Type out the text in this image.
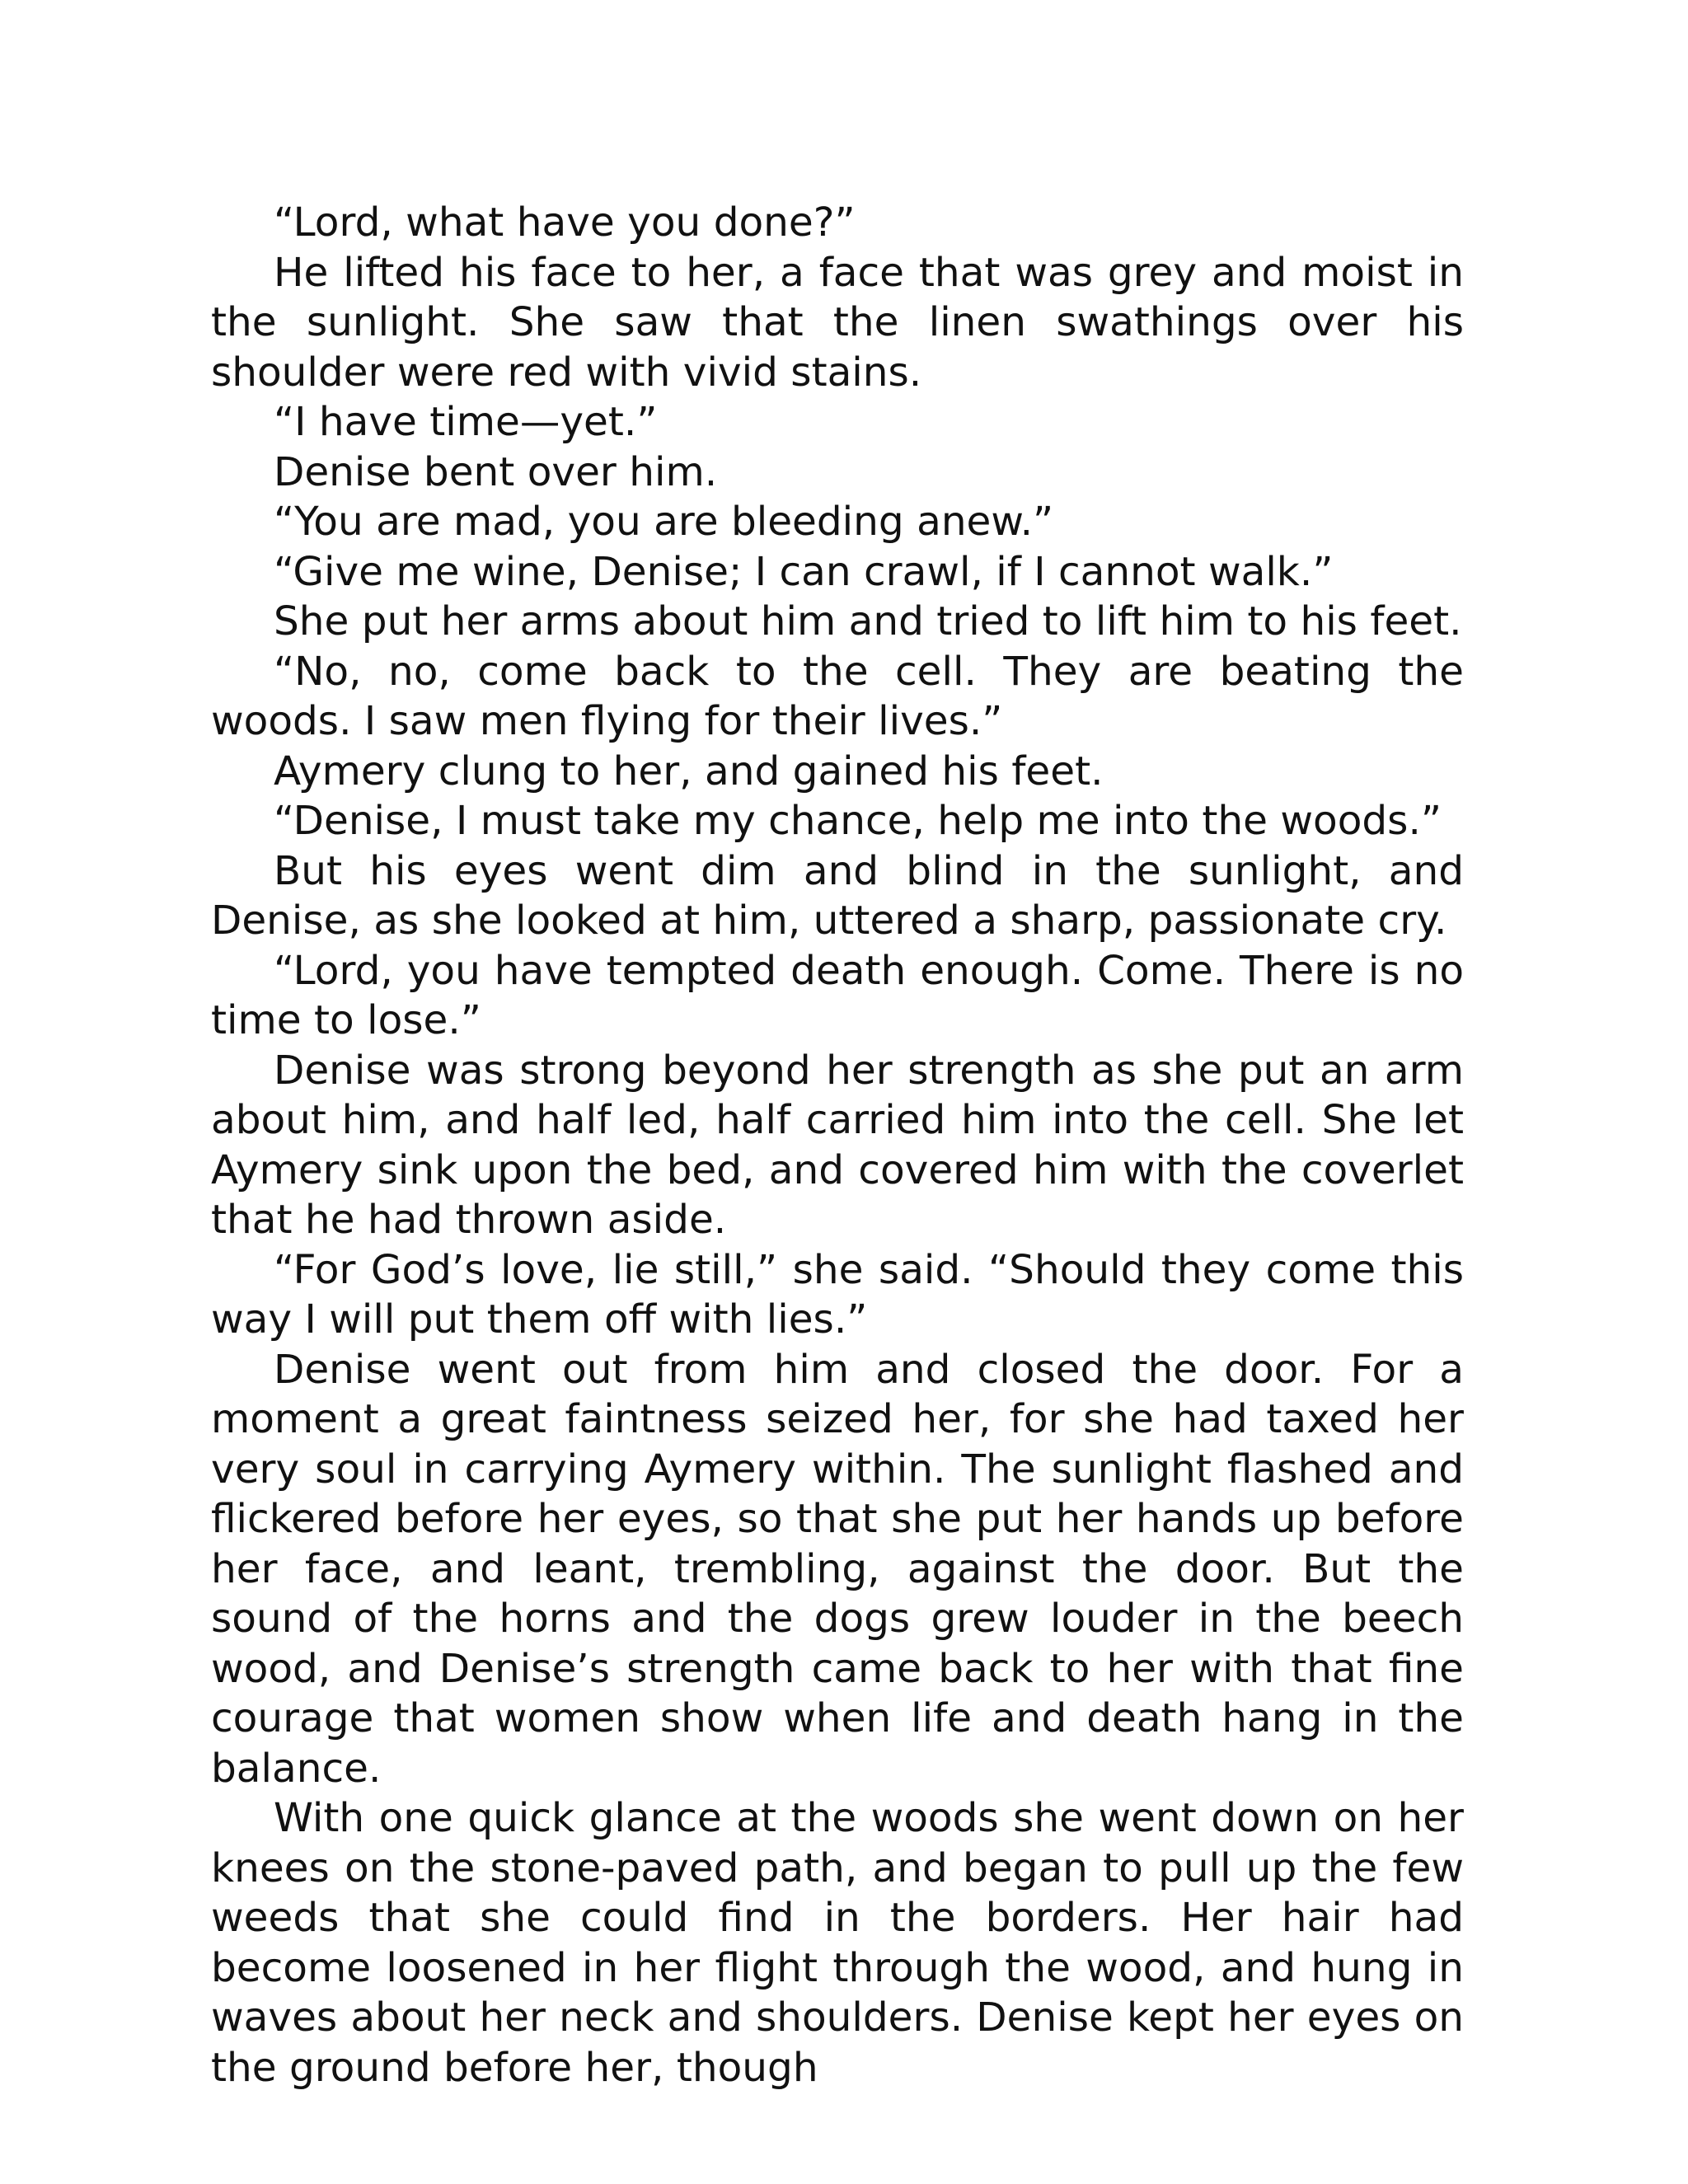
“Lord, what have you done?”

He lifted his face to her, a face that was grey and moist in the sunlight. She saw that the linen swathings over his shoulder were red with vivid stains.

“I have time—yet.”

Denise bent over him.

“You are mad, you are bleeding anew.”

“Give me wine, Denise; I can crawl, if I cannot walk.”

She put her arms about him and tried to lift him to his feet.

“No, no, come back to the cell. They are beating the woods. I saw men flying for their lives.”

Aymery clung to her, and gained his feet.

“Denise, I must take my chance, help me into the woods.”

But his eyes went dim and blind in the sunlight, and Denise, as she looked at him, uttered a sharp, passionate cry.

“Lord, you have tempted death enough. Come. There is no time to lose.”

Denise was strong beyond her strength as she put an arm about him, and half led, half carried him into the cell. She let Aymery sink upon the bed, and covered him with the coverlet that he had thrown aside.

“For God’s love, lie still,” she said. “Should they come this way I will put them off with lies.”

Denise went out from him and closed the door. For a moment a great faintness seized her, for she had taxed her very soul in carrying Aymery within. The sunlight flashed and flickered before her eyes, so that she put her hands up before her face, and leant, trembling, against the door. But the sound of the horns and the dogs grew louder in the beech wood, and Denise’s strength came back to her with that fine courage that women show when life and death hang in the balance.

With one quick glance at the woods she went down on her knees on the stone-paved path, and began to pull up the few weeds that she could find in the borders. Her hair had become loosened in her flight through the wood, and hung in waves about her neck and shoulders. Denise kept her eyes on the ground before her, though
